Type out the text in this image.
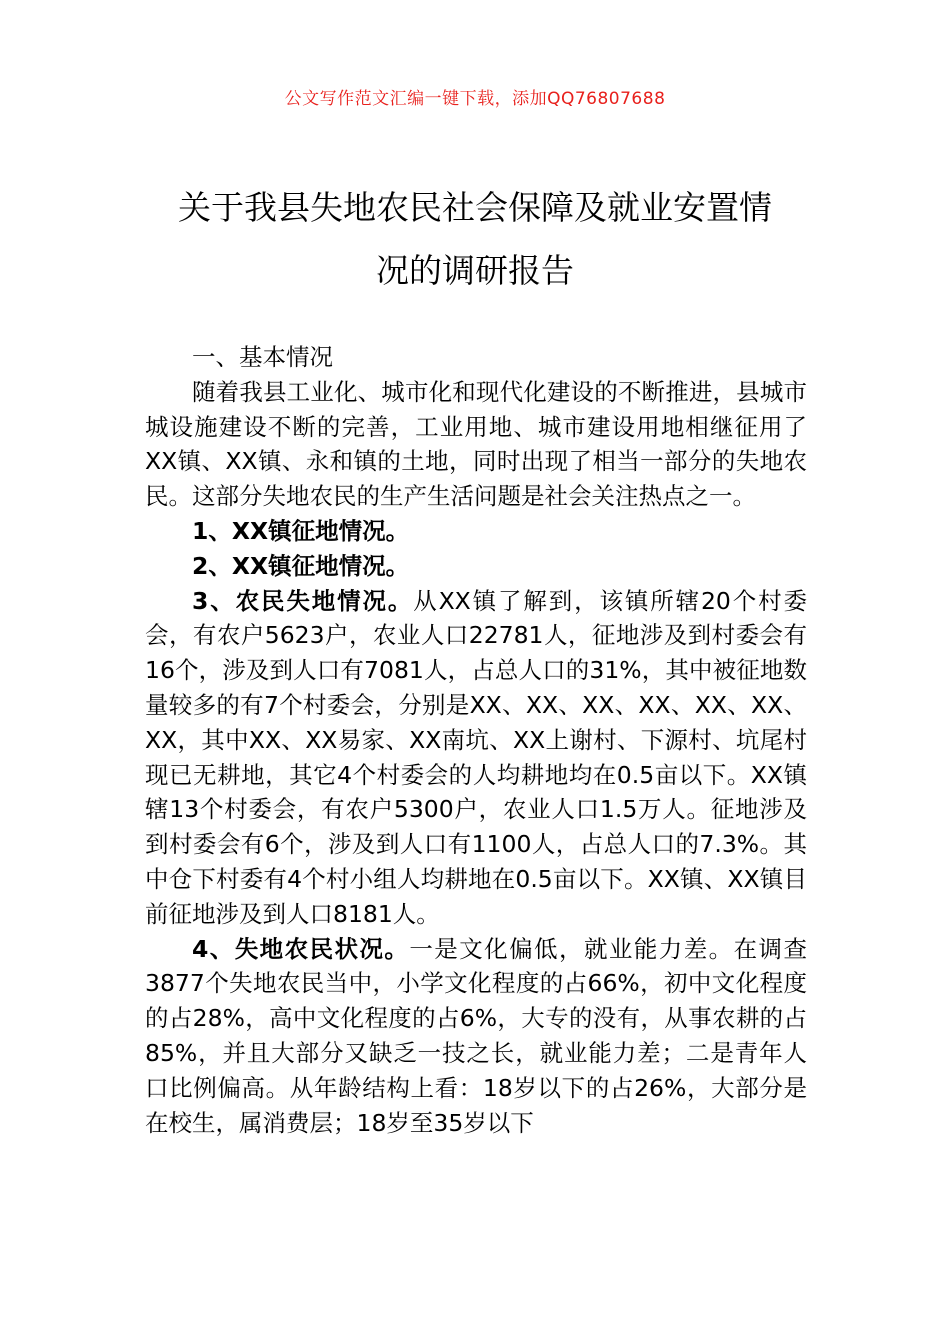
公文写作范文汇编一键下载，添加QQ76807688
关于我县失地农民社会保障及就业安置情
况的调研报告

一、基本情况

随着我县工业化、城市化和现代化建设的不断推进，县城市城设施建设不断的完善，工业用地、城市建设用地相继征用了XX镇、XX镇、永和镇的土地，同时出现了相当一部分的失地农民。这部分失地农民的生产生活问题是社会关注热点之一。

1、XX镇征地情况。

2、XX镇征地情况。

3、农民失地情况。从XX镇了解到，该镇所辖20个村委会，有农户5623户，农业人口22781人，征地涉及到村委会有16个，涉及到人口有7081人，占总人口的31%，其中被征地数量较多的有7个村委会，分别是XX、XX、XX、XX、XX、XX、XX，其中XX、XX易家、XX南坑、XX上谢村、下源村、坑尾村现已无耕地，其它4个村委会的人均耕地均在0.5亩以下。XX镇辖13个村委会，有农户5300户，农业人口1.5万人。征地涉及到村委会有6个，涉及到人口有1100人，占总人口的7.3%。其中仓下村委有4个村小组人均耕地在0.5亩以下。XX镇、XX镇目前征地涉及到人口8181人。

4、失地农民状况。一是文化偏低，就业能力差。在调查3877个失地农民当中，小学文化程度的占66%，初中文化程度的占28%，高中文化程度的占6%，大专的没有，从事农耕的占85%，并且大部分又缺乏一技之长，就业能力差；二是青年人口比例偏高。从年龄结构上看：18岁以下的占26%，大部分是在校生，属消费层；18岁至35岁以下
